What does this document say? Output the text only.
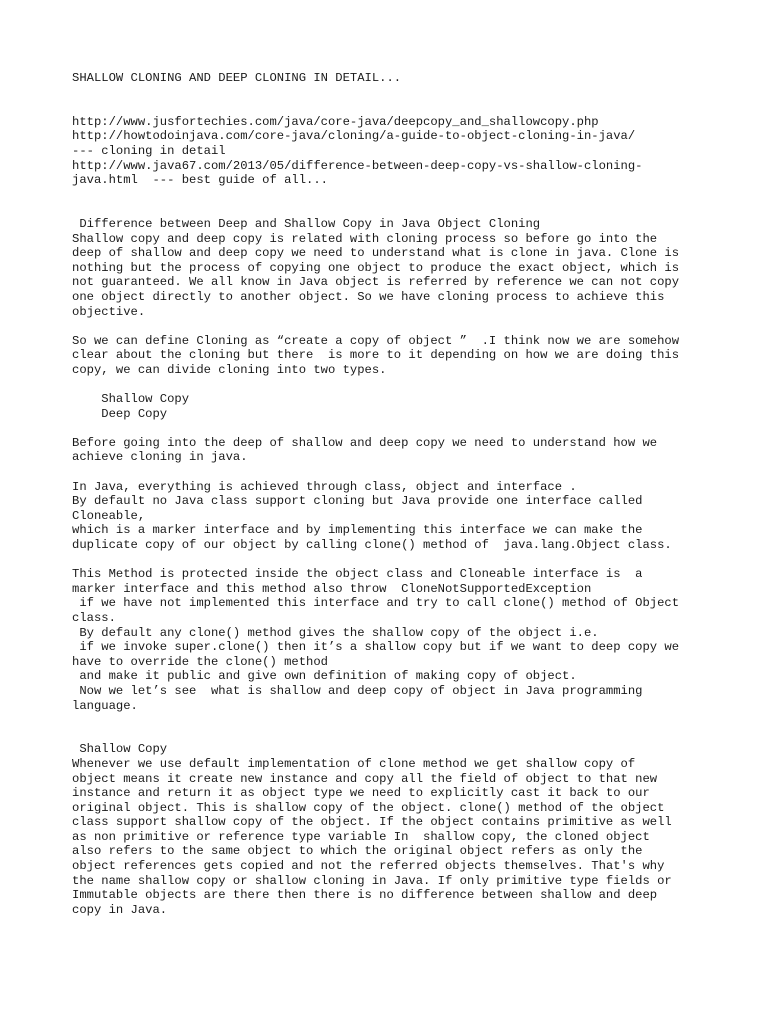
SHALLOW CLONING AND DEEP CLONING IN DETAIL...
http://www.jusfortechies.com/java/core-java/deepcopy_and_shallowcopy.php
http://howtodoinjava.com/core-java/cloning/a-guide-to-object-cloning-in-java/
--- cloning in detail
http://www.java67.com/2013/05/difference-between-deep-copy-vs-shallow-cloning-
java.html  --- best guide of all...
Difference between Deep and Shallow Copy in Java Object Cloning
Shallow copy and deep copy is related with cloning process so before go into the
deep of shallow and deep copy we need to understand what is clone in java. Clone is
nothing but the process of copying one object to produce the exact object, which is
not guaranteed. We all know in Java object is referred by reference we can not copy
one object directly to another object. So we have cloning process to achieve this
objective.
So we can define Cloning as “create a copy of object ”  .I think now we are somehow
clear about the cloning but there  is more to it depending on how we are doing this
copy, we can divide cloning into two types.
Shallow Copy
Deep Copy
Before going into the deep of shallow and deep copy we need to understand how we
achieve cloning in java.
In Java, everything is achieved through class, object and interface .
By default no Java class support cloning but Java provide one interface called
Cloneable,
which is a marker interface and by implementing this interface we can make the
duplicate copy of our object by calling clone() method of  java.lang.Object class.
This Method is protected inside the object class and Cloneable interface is  a
marker interface and this method also throw  CloneNotSupportedException
if we have not implemented this interface and try to call clone() method of Object
class.
By default any clone() method gives the shallow copy of the object i.e.
if we invoke super.clone() then it’s a shallow copy but if we want to deep copy we
have to override the clone() method
and make it public and give own definition of making copy of object.
Now we let’s see  what is shallow and deep copy of object in Java programming
language.
Shallow Copy
Whenever we use default implementation of clone method we get shallow copy of
object means it create new instance and copy all the field of object to that new
instance and return it as object type we need to explicitly cast it back to our
original object. This is shallow copy of the object. clone() method of the object
class support shallow copy of the object. If the object contains primitive as well
as non primitive or reference type variable In  shallow copy, the cloned object
also refers to the same object to which the original object refers as only the
object references gets copied and not the referred objects themselves. That's why
the name shallow copy or shallow cloning in Java. If only primitive type fields or
Immutable objects are there then there is no difference between shallow and deep
copy in Java.
